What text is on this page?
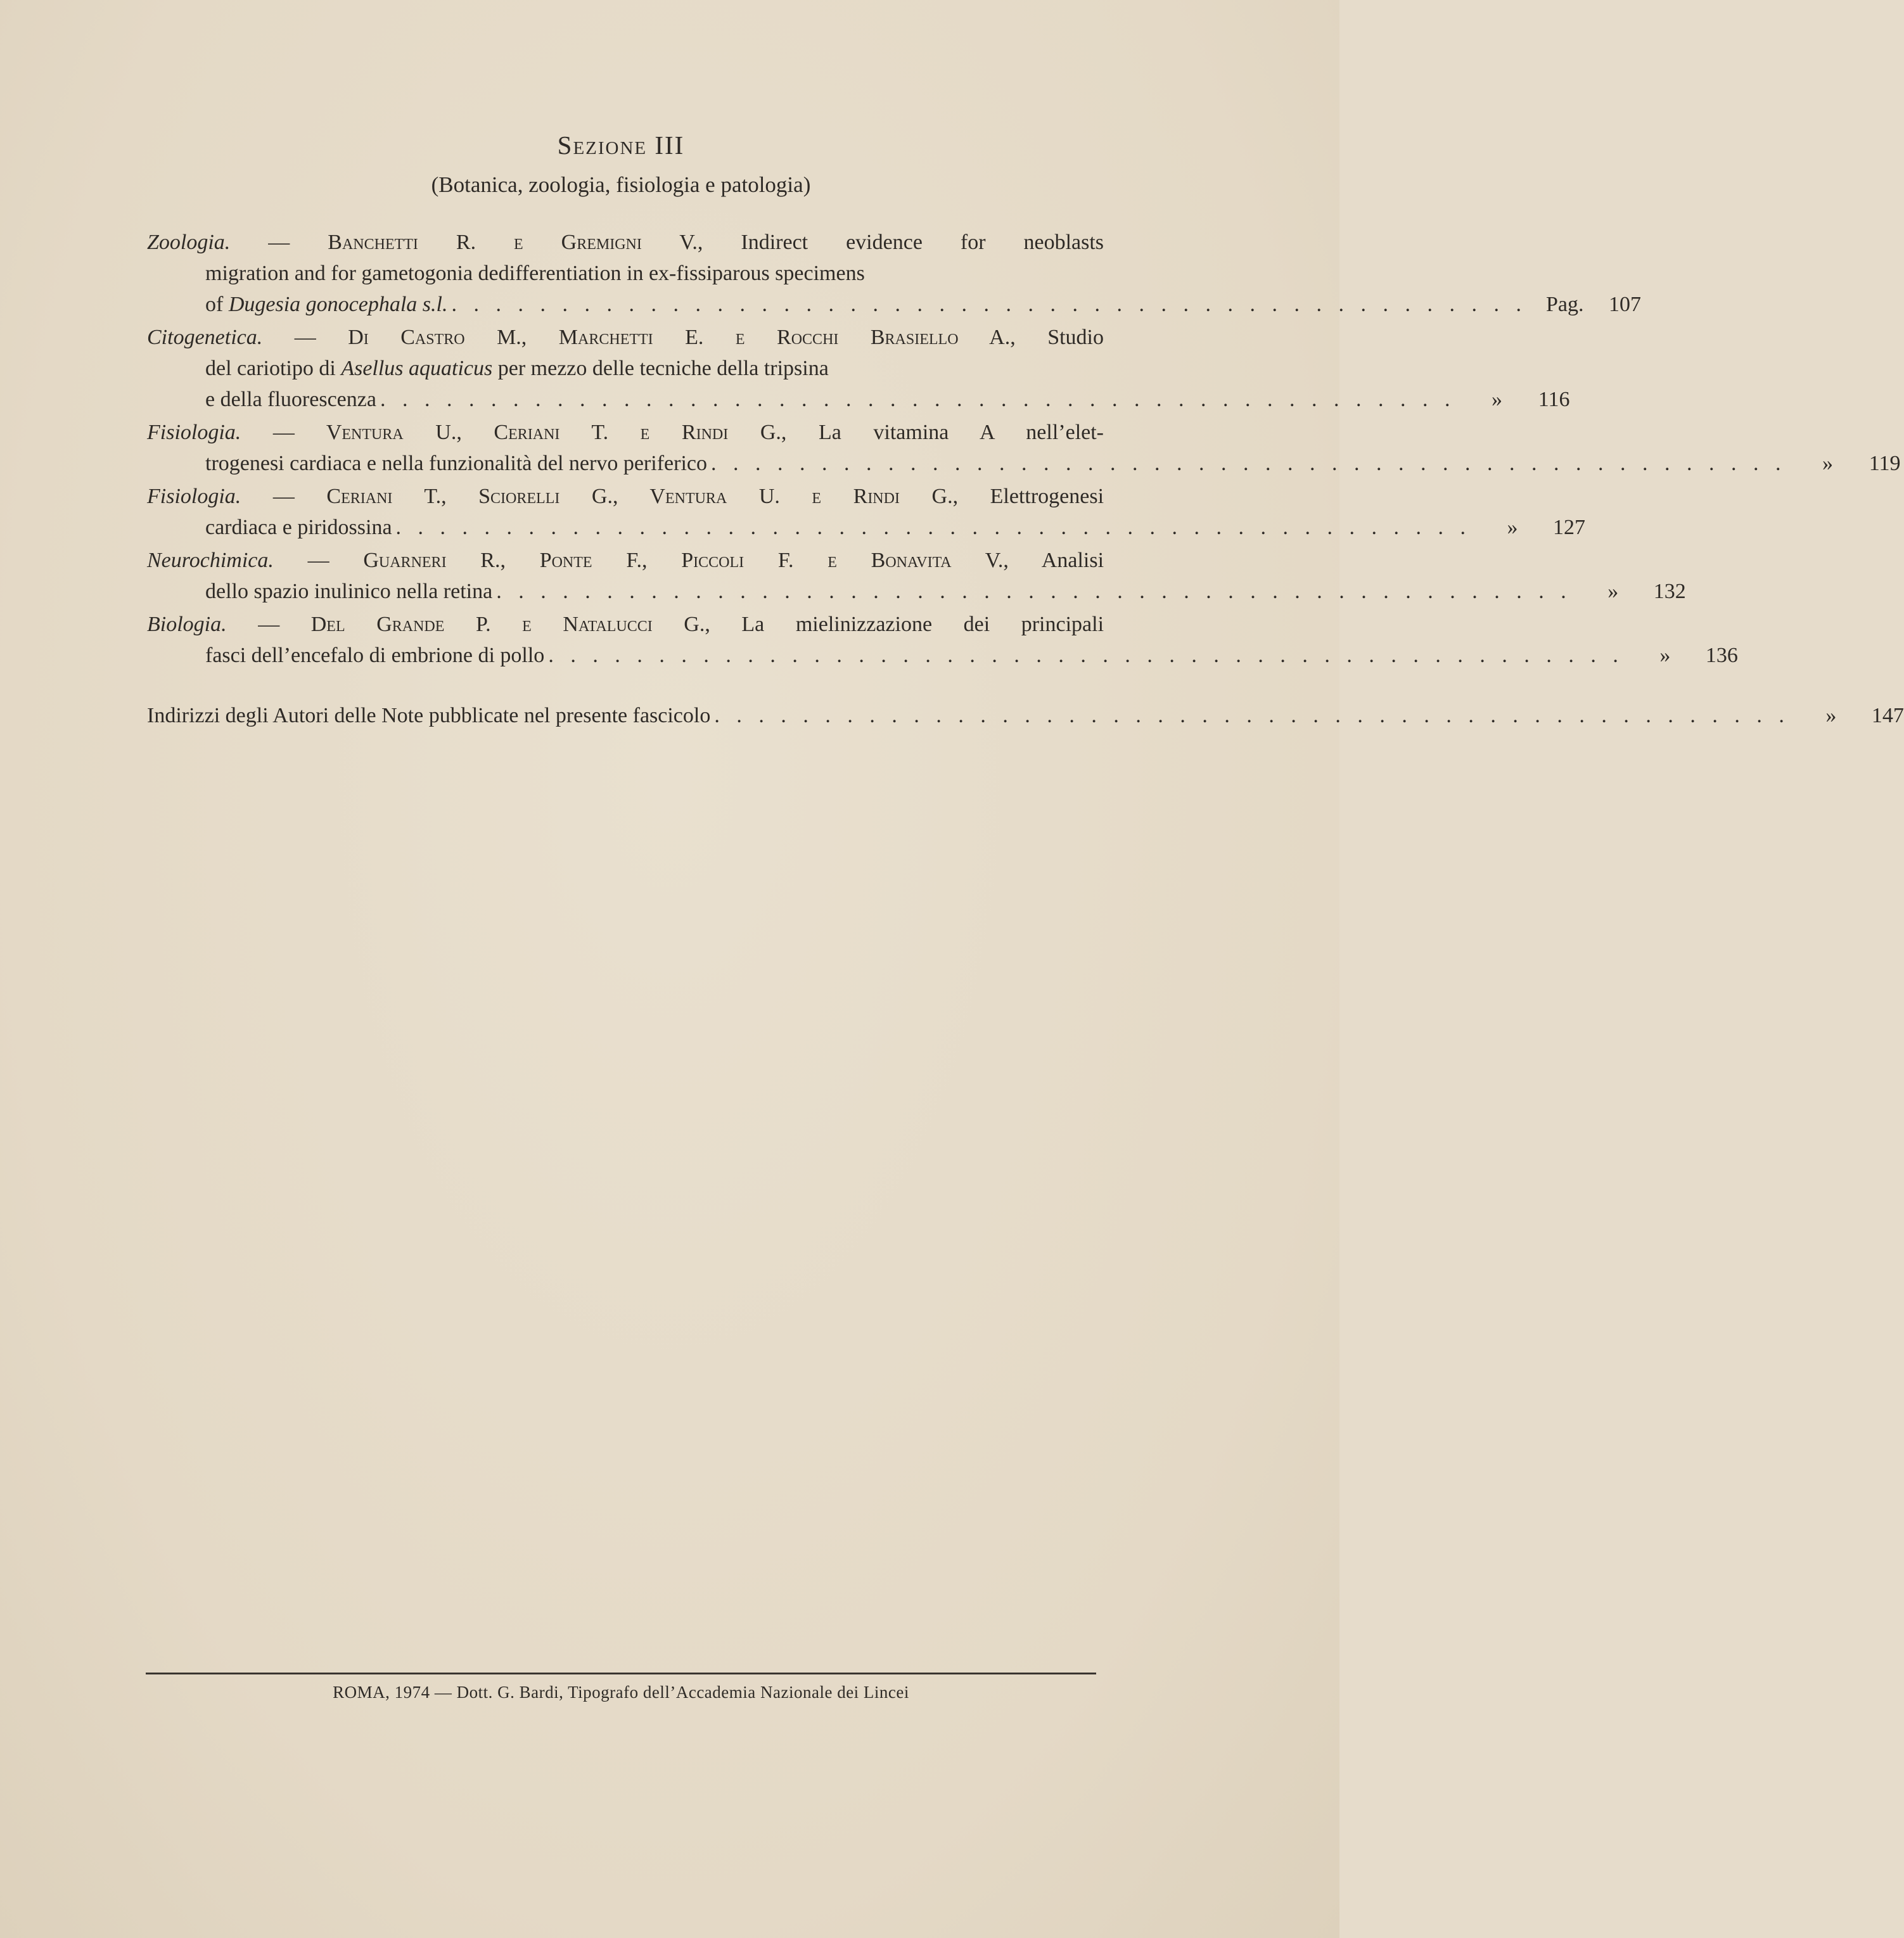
Sezione III
(Botanica, zoologia, fisiologia e patologia)
Zoologia. — Banchetti R. e Gremigni V., Indirect evidence for neoblasts
migration and for gametogonia dedifferentiation in ex-fissiparous specimens
of Dugesia gonocephala s.l. . . . . . . . . . . . . . . . . . . . . . . . . . . . . . . . . . . . . . . . . . . . . . . . . . Pag.	107
Citogenetica. — Di Castro M., Marchetti E. e Rocchi Brasiello A., Studio
del cariotipo di Asellus aquaticus per mezzo delle tecniche della tripsina
e della fluorescenza . . . . . . . . . . . . . . . . . . . . . . . . . . . . . . . . . . . . . . . . . . . . . . . . .	»	116
Fisiologia. — Ventura U., Ceriani T. e Rindi G., La vitamina A nell’elet-
trogenesi cardiaca e nella funzionalità del nervo periferico . . . . . . . . . . . . . . . . . . . . . . . . . . . . . . . . . . . . . . . . . . . . . . . . .	»	119
Fisiologia. — Ceriani T., Sciorelli G., Ventura U. e Rindi G., Elettrogenesi
cardiaca e piridossina . . . . . . . . . . . . . . . . . . . . . . . . . . . . . . . . . . . . . . . . . . . . . . . . .	»	127
Neurochimica. — Guarneri R., Ponte F., Piccoli F. e Bonavita V., Analisi
dello spazio inulinico nella retina . . . . . . . . . . . . . . . . . . . . . . . . . . . . . . . . . . . . . . . . . . . . . . . . .	»	132
Biologia. — Del Grande P. e Natalucci G., La mielinizzazione dei principali
fasci dell’encefalo di embrione di pollo . . . . . . . . . . . . . . . . . . . . . . . . . . . . . . . . . . . . . . . . . . . . . . . . .	»	136
Indirizzi degli Autori delle Note pubblicate nel presente fascicolo . . . . . . . . . . . . . . . . . . . . . . . . . . . . . . . . . . . . . . . . . . . . . . . . .	»	147
ROMA, 1974 — Dott. G. Bardi, Tipografo dell’Accademia Nazionale dei Lincei
